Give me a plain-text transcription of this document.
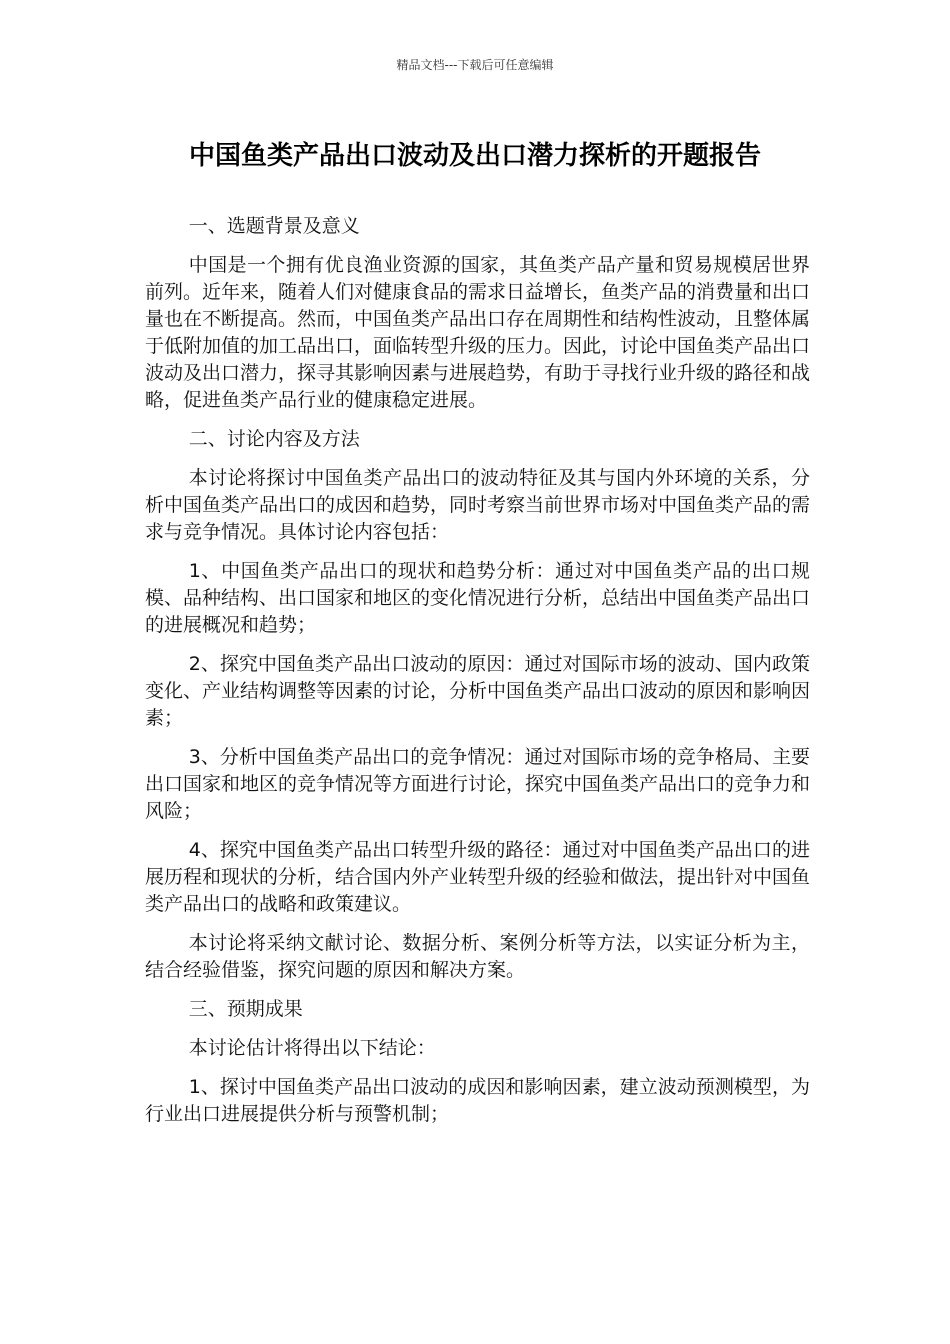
精品文档---下载后可任意编辑
中国鱼类产品出口波动及出口潜力探析的开题报告

一、选题背景及意义

中国是一个拥有优良渔业资源的国家，其鱼类产品产量和贸易规模居世界前列。近年来，随着人们对健康食品的需求日益增长，鱼类产品的消费量和出口量也在不断提高。然而，中国鱼类产品出口存在周期性和结构性波动，且整体属于低附加值的加工品出口，面临转型升级的压力。因此，讨论中国鱼类产品出口波动及出口潜力，探寻其影响因素与进展趋势，有助于寻找行业升级的路径和战略，促进鱼类产品行业的健康稳定进展。

二、讨论内容及方法

本讨论将探讨中国鱼类产品出口的波动特征及其与国内外环境的关系，分析中国鱼类产品出口的成因和趋势，同时考察当前世界市场对中国鱼类产品的需求与竞争情况。具体讨论内容包括：

1、中国鱼类产品出口的现状和趋势分析：通过对中国鱼类产品的出口规模、品种结构、出口国家和地区的变化情况进行分析，总结出中国鱼类产品出口的进展概况和趋势；

2、探究中国鱼类产品出口波动的原因：通过对国际市场的波动、国内政策变化、产业结构调整等因素的讨论，分析中国鱼类产品出口波动的原因和影响因素；

3、分析中国鱼类产品出口的竞争情况：通过对国际市场的竞争格局、主要出口国家和地区的竞争情况等方面进行讨论，探究中国鱼类产品出口的竞争力和风险；

4、探究中国鱼类产品出口转型升级的路径：通过对中国鱼类产品出口的进展历程和现状的分析，结合国内外产业转型升级的经验和做法，提出针对中国鱼类产品出口的战略和政策建议。

本讨论将采纳文献讨论、数据分析、案例分析等方法，以实证分析为主，结合经验借鉴，探究问题的原因和解决方案。

三、预期成果

本讨论估计将得出以下结论：

1、探讨中国鱼类产品出口波动的成因和影响因素，建立波动预测模型，为行业出口进展提供分析与预警机制；
